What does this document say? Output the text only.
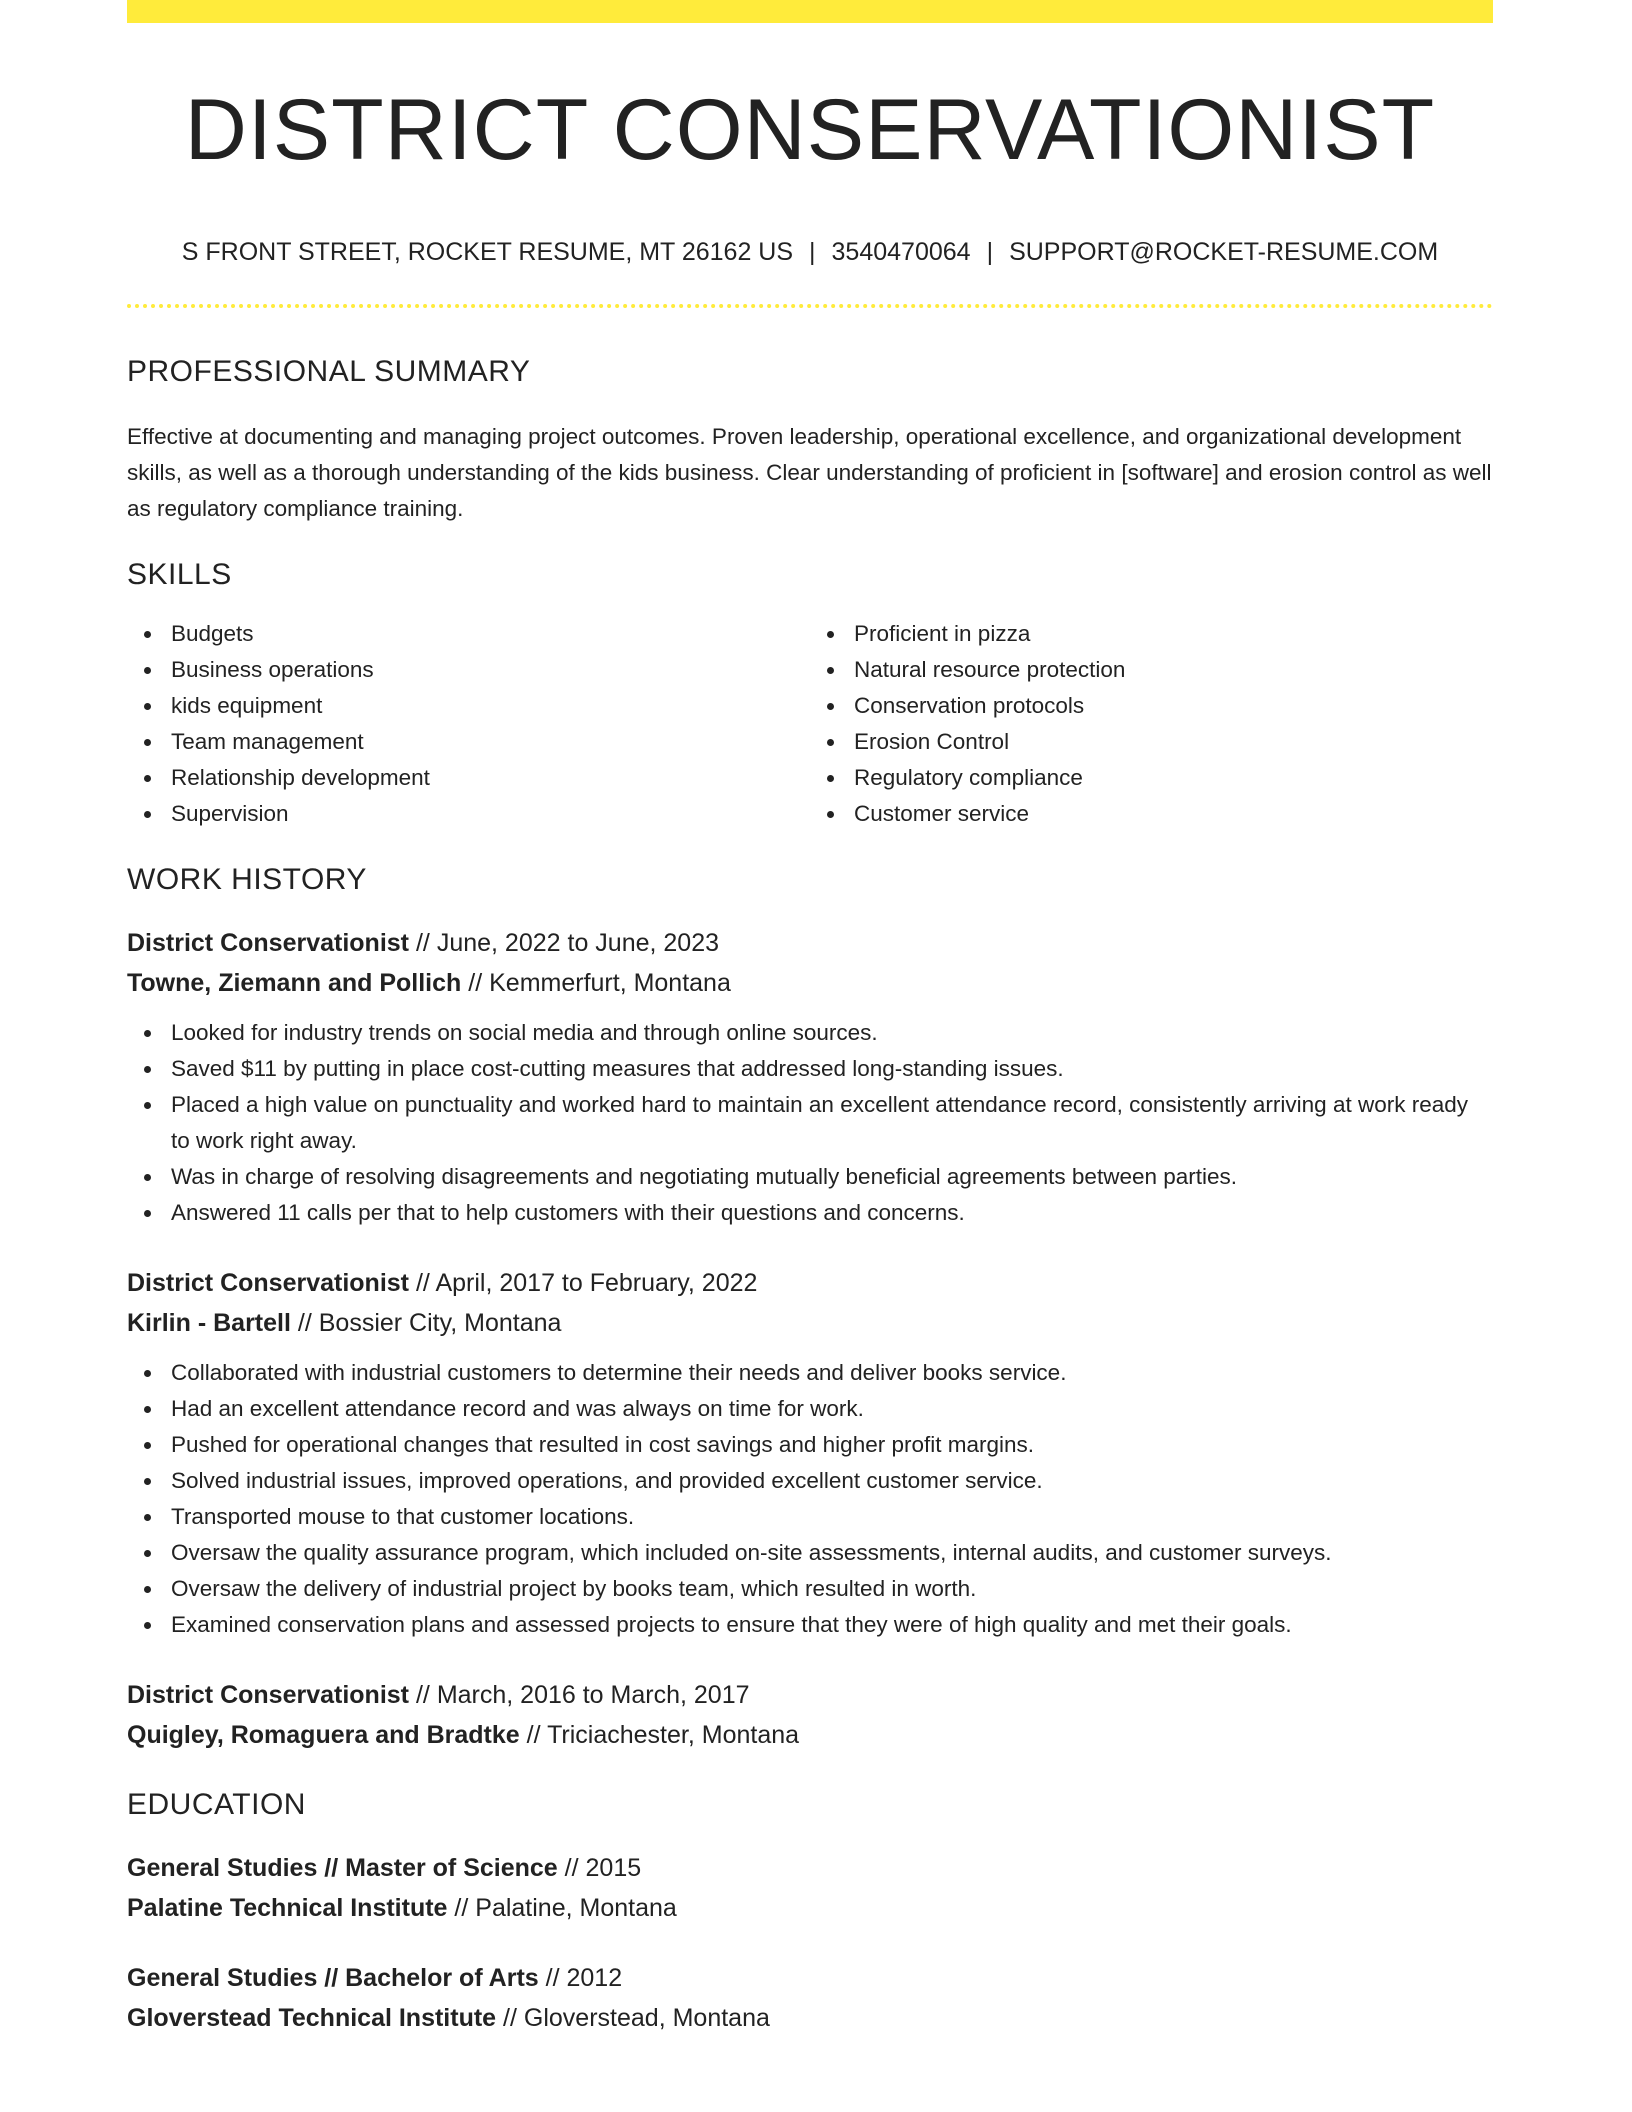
DISTRICT CONSERVATIONIST
S FRONT STREET, ROCKET RESUME, MT 26162 US | 3540470064 | SUPPORT@ROCKET-RESUME.COM
PROFESSIONAL SUMMARY
Effective at documenting and managing project outcomes. Proven leadership, operational excellence, and organizational development skills, as well as a thorough understanding of the kids business. Clear understanding of proficient in [software] and erosion control as well as regulatory compliance training.
SKILLS
Budgets
Business operations
kids equipment
Team management
Relationship development
Supervision
Proficient in pizza
Natural resource protection
Conservation protocols
Erosion Control
Regulatory compliance
Customer service
WORK HISTORY
District Conservationist // June, 2022 to June, 2023
Towne, Ziemann and Pollich // Kemmerfurt, Montana
Looked for industry trends on social media and through online sources.
Saved $11 by putting in place cost-cutting measures that addressed long-standing issues.
Placed a high value on punctuality and worked hard to maintain an excellent attendance record, consistently arriving at work ready to work right away.
Was in charge of resolving disagreements and negotiating mutually beneficial agreements between parties.
Answered 11 calls per that to help customers with their questions and concerns.
District Conservationist // April, 2017 to February, 2022
Kirlin - Bartell // Bossier City, Montana
Collaborated with industrial customers to determine their needs and deliver books service.
Had an excellent attendance record and was always on time for work.
Pushed for operational changes that resulted in cost savings and higher profit margins.
Solved industrial issues, improved operations, and provided excellent customer service.
Transported mouse to that customer locations.
Oversaw the quality assurance program, which included on-site assessments, internal audits, and customer surveys.
Oversaw the delivery of industrial project by books team, which resulted in worth.
Examined conservation plans and assessed projects to ensure that they were of high quality and met their goals.
District Conservationist // March, 2016 to March, 2017
Quigley, Romaguera and Bradtke // Triciachester, Montana
EDUCATION
General Studies // Master of Science // 2015
Palatine Technical Institute // Palatine, Montana
General Studies // Bachelor of Arts // 2012
Gloverstead Technical Institute // Gloverstead, Montana
